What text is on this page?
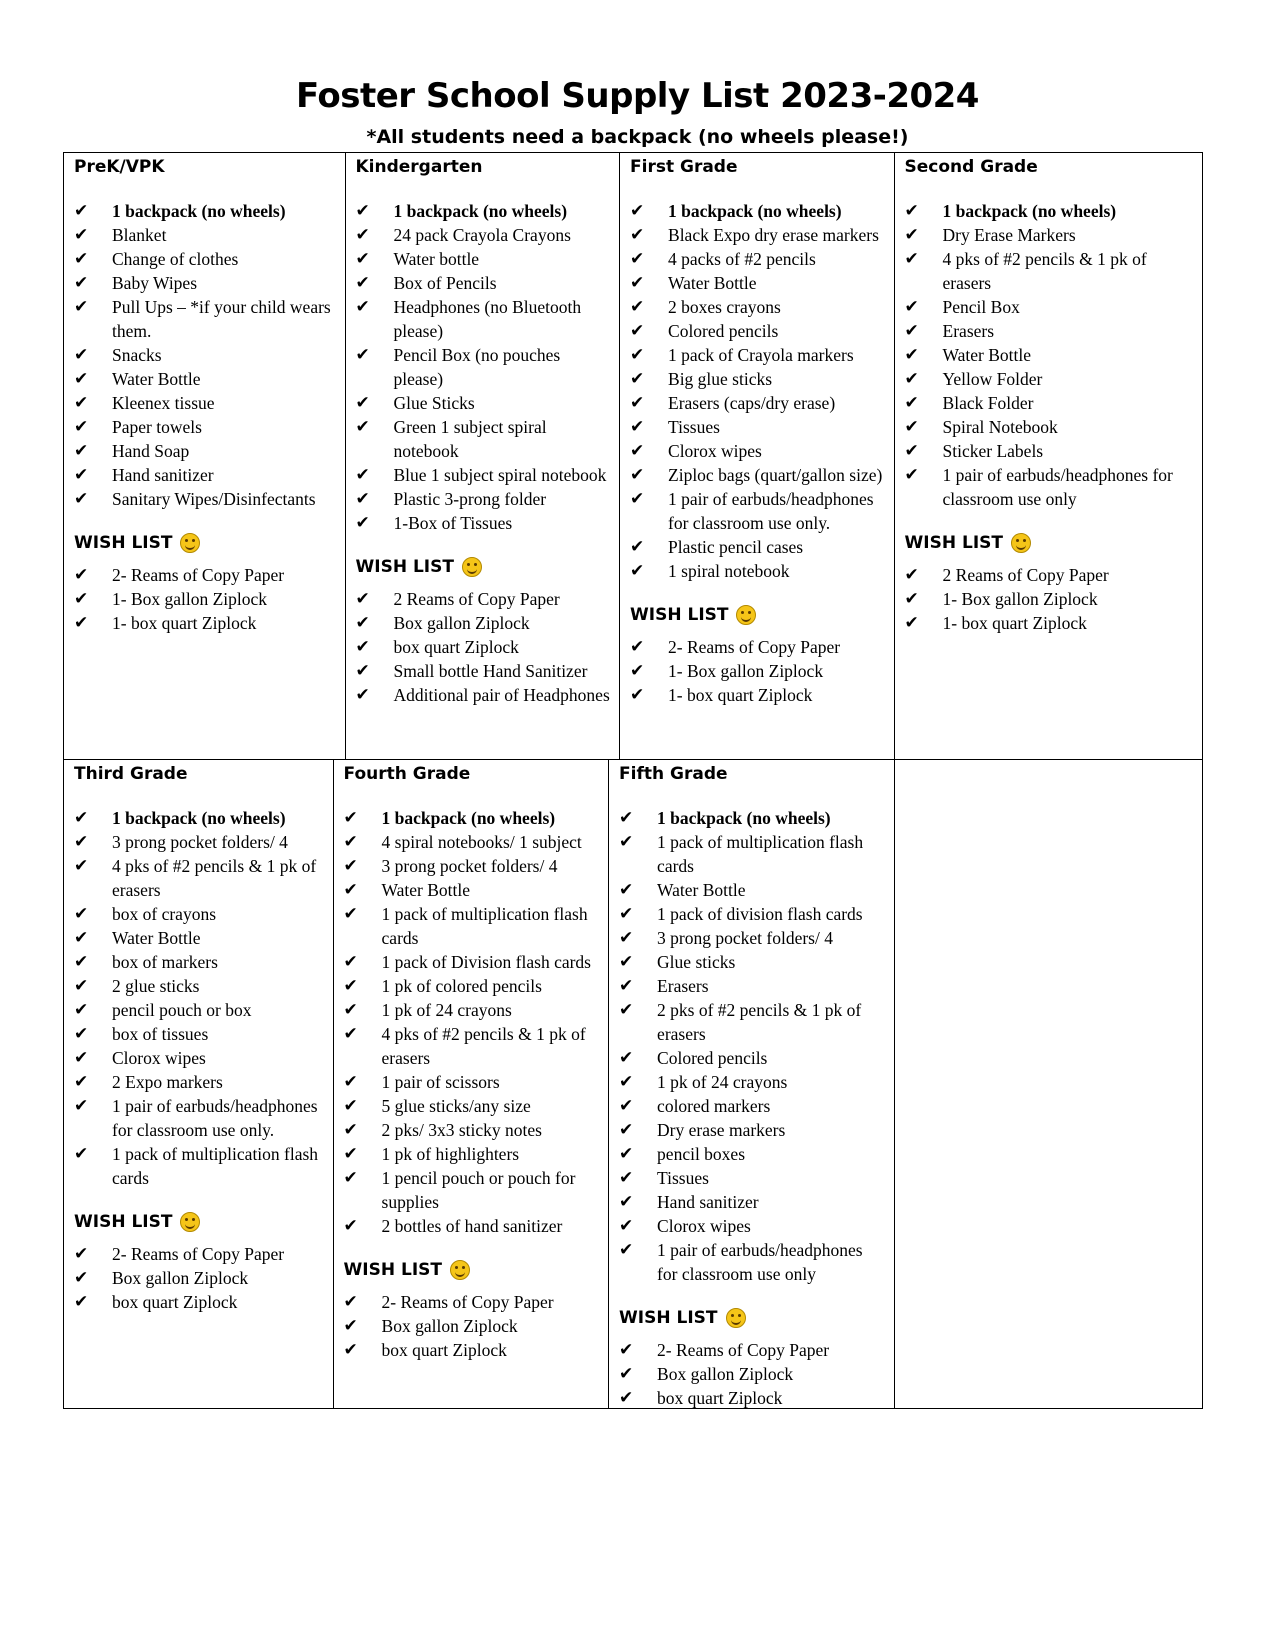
Foster School Supply List 2023-2024
*All students need a backpack (no wheels please!)
PreK/VPK
✔	1 backpack (no wheels)
✔	Blanket
✔	Change of clothes
✔	Baby Wipes
✔	Pull Ups – *if your child wears them.
✔	Snacks
✔	Water Bottle
✔	Kleenex tissue
✔	Paper towels
✔	Hand Soap
✔	Hand sanitizer
✔	Sanitary Wipes/Disinfectants
WISH LIST
✔	2- Reams of Copy Paper
✔	1- Box gallon Ziplock
✔	1- box quart Ziplock
Kindergarten
✔	1 backpack (no wheels)
✔	24 pack Crayola Crayons
✔	Water bottle
✔	Box of Pencils
✔	Headphones (no Bluetooth please)
✔	Pencil Box (no pouches please)
✔	Glue Sticks
✔	Green 1 subject spiral notebook
✔	Blue 1 subject spiral notebook
✔	Plastic 3-prong folder
✔	1-Box of Tissues
WISH LIST
✔	2 Reams of Copy Paper
✔	Box gallon Ziplock
✔	box quart Ziplock
✔	Small bottle Hand Sanitizer
✔	Additional pair of Headphones
First Grade
✔	1 backpack (no wheels)
✔	Black Expo dry erase markers
✔	4 packs of #2 pencils
✔	Water Bottle
✔	2 boxes crayons
✔	Colored pencils
✔	1 pack of Crayola markers
✔	Big glue sticks
✔	Erasers (caps/dry erase)
✔	Tissues
✔	Clorox wipes
✔	Ziploc bags (quart/gallon size)
✔	1 pair of earbuds/headphones for classroom use only.
✔	Plastic pencil cases
✔	1 spiral notebook
WISH LIST
✔	2- Reams of Copy Paper
✔	1- Box gallon Ziplock
✔	1- box quart Ziplock
Second Grade
✔	1 backpack (no wheels)
✔	Dry Erase Markers
✔	4 pks of #2 pencils & 1 pk of erasers
✔	Pencil Box
✔	Erasers
✔	Water Bottle
✔	Yellow Folder
✔	Black Folder
✔	Spiral Notebook
✔	Sticker Labels
✔	1 pair of earbuds/headphones for classroom use only
WISH LIST
✔	2 Reams of Copy Paper
✔	1- Box gallon Ziplock
✔	1- box quart Ziplock
Third Grade
✔	1 backpack (no wheels)
✔	3 prong pocket folders/ 4
✔	4 pks of #2 pencils & 1 pk of erasers
✔	box of crayons
✔	Water Bottle
✔	box of markers
✔	2 glue sticks
✔	pencil pouch or box
✔	box of tissues
✔	Clorox wipes
✔	2 Expo markers
✔	1 pair of earbuds/headphones for classroom use only.
✔	1 pack of multiplication flash cards
WISH LIST
✔	2- Reams of Copy Paper
✔	Box gallon Ziplock
✔	box quart Ziplock
Fourth Grade
✔	1 backpack (no wheels)
✔	4 spiral notebooks/ 1 subject
✔	3 prong pocket folders/ 4
✔	Water Bottle
✔	1 pack of multiplication flash cards
✔	1 pack of Division flash cards
✔	1 pk of colored pencils
✔	1 pk of 24 crayons
✔	4 pks of #2 pencils & 1 pk of erasers
✔	1 pair of scissors
✔	5 glue sticks/any size
✔	2 pks/ 3x3 sticky notes
✔	1 pk of highlighters
✔	1 pencil pouch or pouch for supplies
✔	2 bottles of hand sanitizer
WISH LIST
✔	2- Reams of Copy Paper
✔	Box gallon Ziplock
✔	box quart Ziplock
Fifth Grade
✔	1 backpack (no wheels)
✔	1 pack of multiplication flash cards
✔	Water Bottle
✔	1 pack of division flash cards
✔	3 prong pocket folders/ 4
✔	Glue sticks
✔	Erasers
✔	2 pks of #2 pencils & 1 pk of erasers
✔	Colored pencils
✔	1 pk of 24 crayons
✔	colored markers
✔	Dry erase markers
✔	pencil boxes
✔	Tissues
✔	Hand sanitizer
✔	Clorox wipes
✔	1 pair of earbuds/headphones for classroom use only
WISH LIST
✔	2- Reams of Copy Paper
✔	Box gallon Ziplock
✔	box quart Ziplock
